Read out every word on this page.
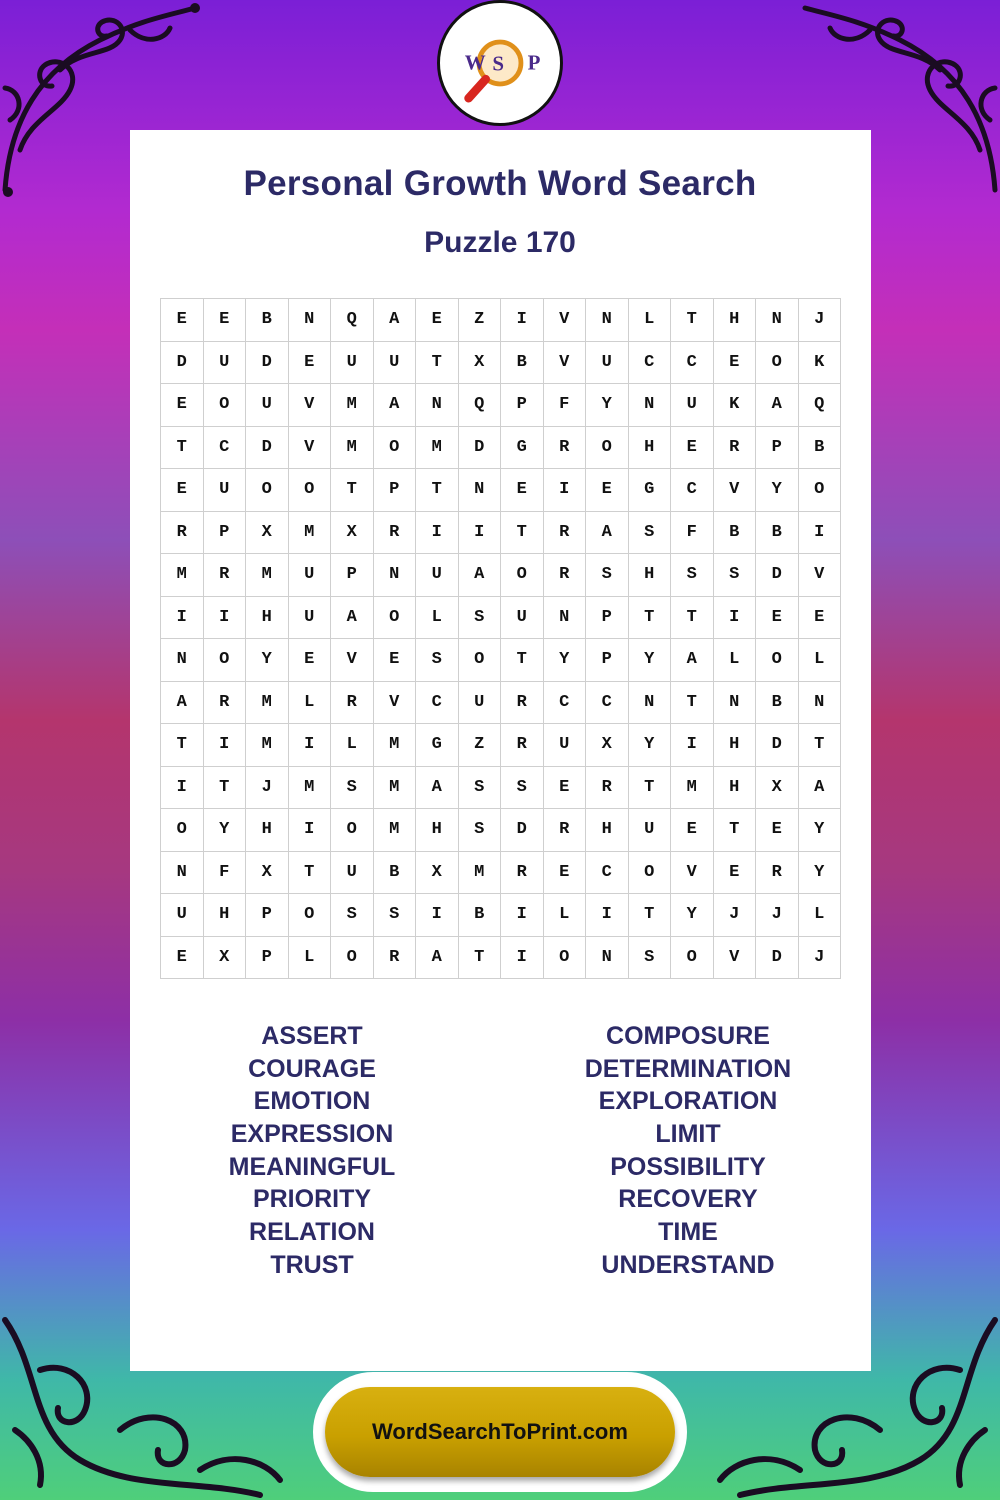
W S P
Personal Growth Word Search
Puzzle 170
E	E	B	N	Q	A	E	Z	I	V	N	L	T	H	N	J
D	U	D	E	U	U	T	X	B	V	U	C	C	E	O	K
E	O	U	V	M	A	N	Q	P	F	Y	N	U	K	A	Q
T	C	D	V	M	O	M	D	G	R	O	H	E	R	P	B
E	U	O	O	T	P	T	N	E	I	E	G	C	V	Y	O
R	P	X	M	X	R	I	I	T	R	A	S	F	B	B	I
M	R	M	U	P	N	U	A	O	R	S	H	S	S	D	V
I	I	H	U	A	O	L	S	U	N	P	T	T	I	E	E
N	O	Y	E	V	E	S	O	T	Y	P	Y	A	L	O	L
A	R	M	L	R	V	C	U	R	C	C	N	T	N	B	N
T	I	M	I	L	M	G	Z	R	U	X	Y	I	H	D	T
I	T	J	M	S	M	A	S	S	E	R	T	M	H	X	A
O	Y	H	I	O	M	H	S	D	R	H	U	E	T	E	Y
N	F	X	T	U	B	X	M	R	E	C	O	V	E	R	Y
U	H	P	O	S	S	I	B	I	L	I	T	Y	J	J	L
E	X	P	L	O	R	A	T	I	O	N	S	O	V	D	J
ASSERT
COURAGE
EMOTION
EXPRESSION
MEANINGFUL
PRIORITY
RELATION
TRUST
COMPOSURE
DETERMINATION
EXPLORATION
LIMIT
POSSIBILITY
RECOVERY
TIME
UNDERSTAND
WordSearchToPrint.com
